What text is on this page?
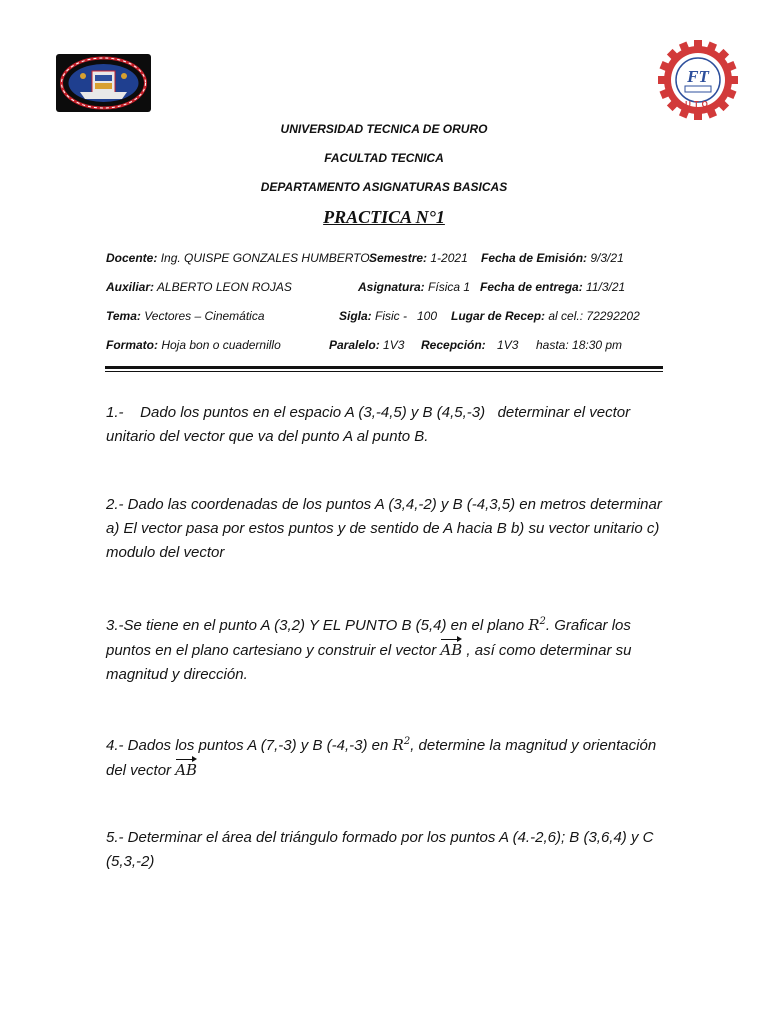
FT
UTO
UNIVERSIDAD TECNICA DE ORURO
FACULTAD TECNICA
DEPARTAMENTO ASIGNATURAS BASICAS
PRACTICA N°1
Docente: Ing. QUISPE GONZALES HUMBERTO Semestre: 1-2021 Fecha de Emisión: 9/3/21
Auxiliar: ALBERTO LEON ROJAS	Asignatura: Física 1 Fecha de entrega: 11/3/21
Tema: Vectores – Cinemática	Sigla: Fisic -   100 Lugar de Recep: al cel.: 72292202
Formato: Hoja bon o cuadernillo	Paralelo: 1V3 Recepción: 1V3 hasta: 18:30 pm
1.-    Dado los puntos en el espacio A (3,-4,5) y B (4,5,-3)   determinar el vector unitario del vector que va del punto A al punto B.
2.- Dado las coordenadas de los puntos A (3,4,-2) y B (-4,3,5) en metros determinar a) El vector pasa por estos puntos y de sentido de A hacia B b) su vector unitario c) modulo del vector
3.-Se tiene en el punto A (3,2) Y EL PUNTO B (5,4) en el plano $R^2$. Graficar los puntos en el plano cartesiano y construir el vector AB , así como determinar su magnitud y dirección.
4.- Dados los puntos A (7,-3) y B (-4,-3) en $R^2$, determine la magnitud y orientación del vector AB
5.- Determinar el área del triángulo formado por los puntos A (4.-2,6); B (3,6,4) y C (5,3,-2)
